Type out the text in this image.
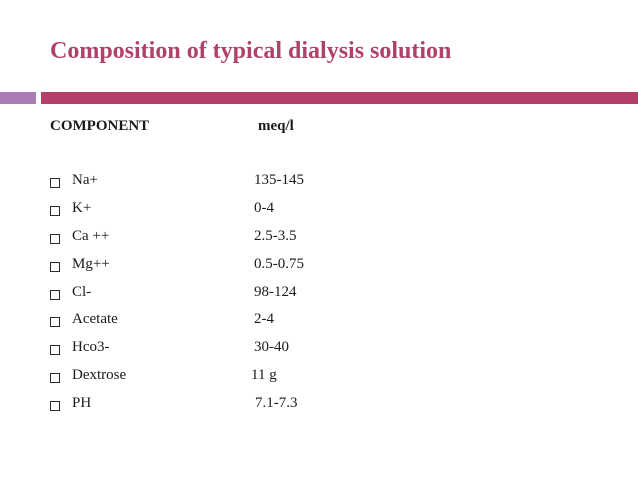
Composition of typical dialysis solution
COMPONENT	meq/l
Na+	135-145
K+	0-4
Ca ++	2.5-3.5
Mg++	0.5-0.75
Cl-	98-124
Acetate	2-4
Hco3-	30-40
Dextrose	11 g
PH	7.1-7.3
